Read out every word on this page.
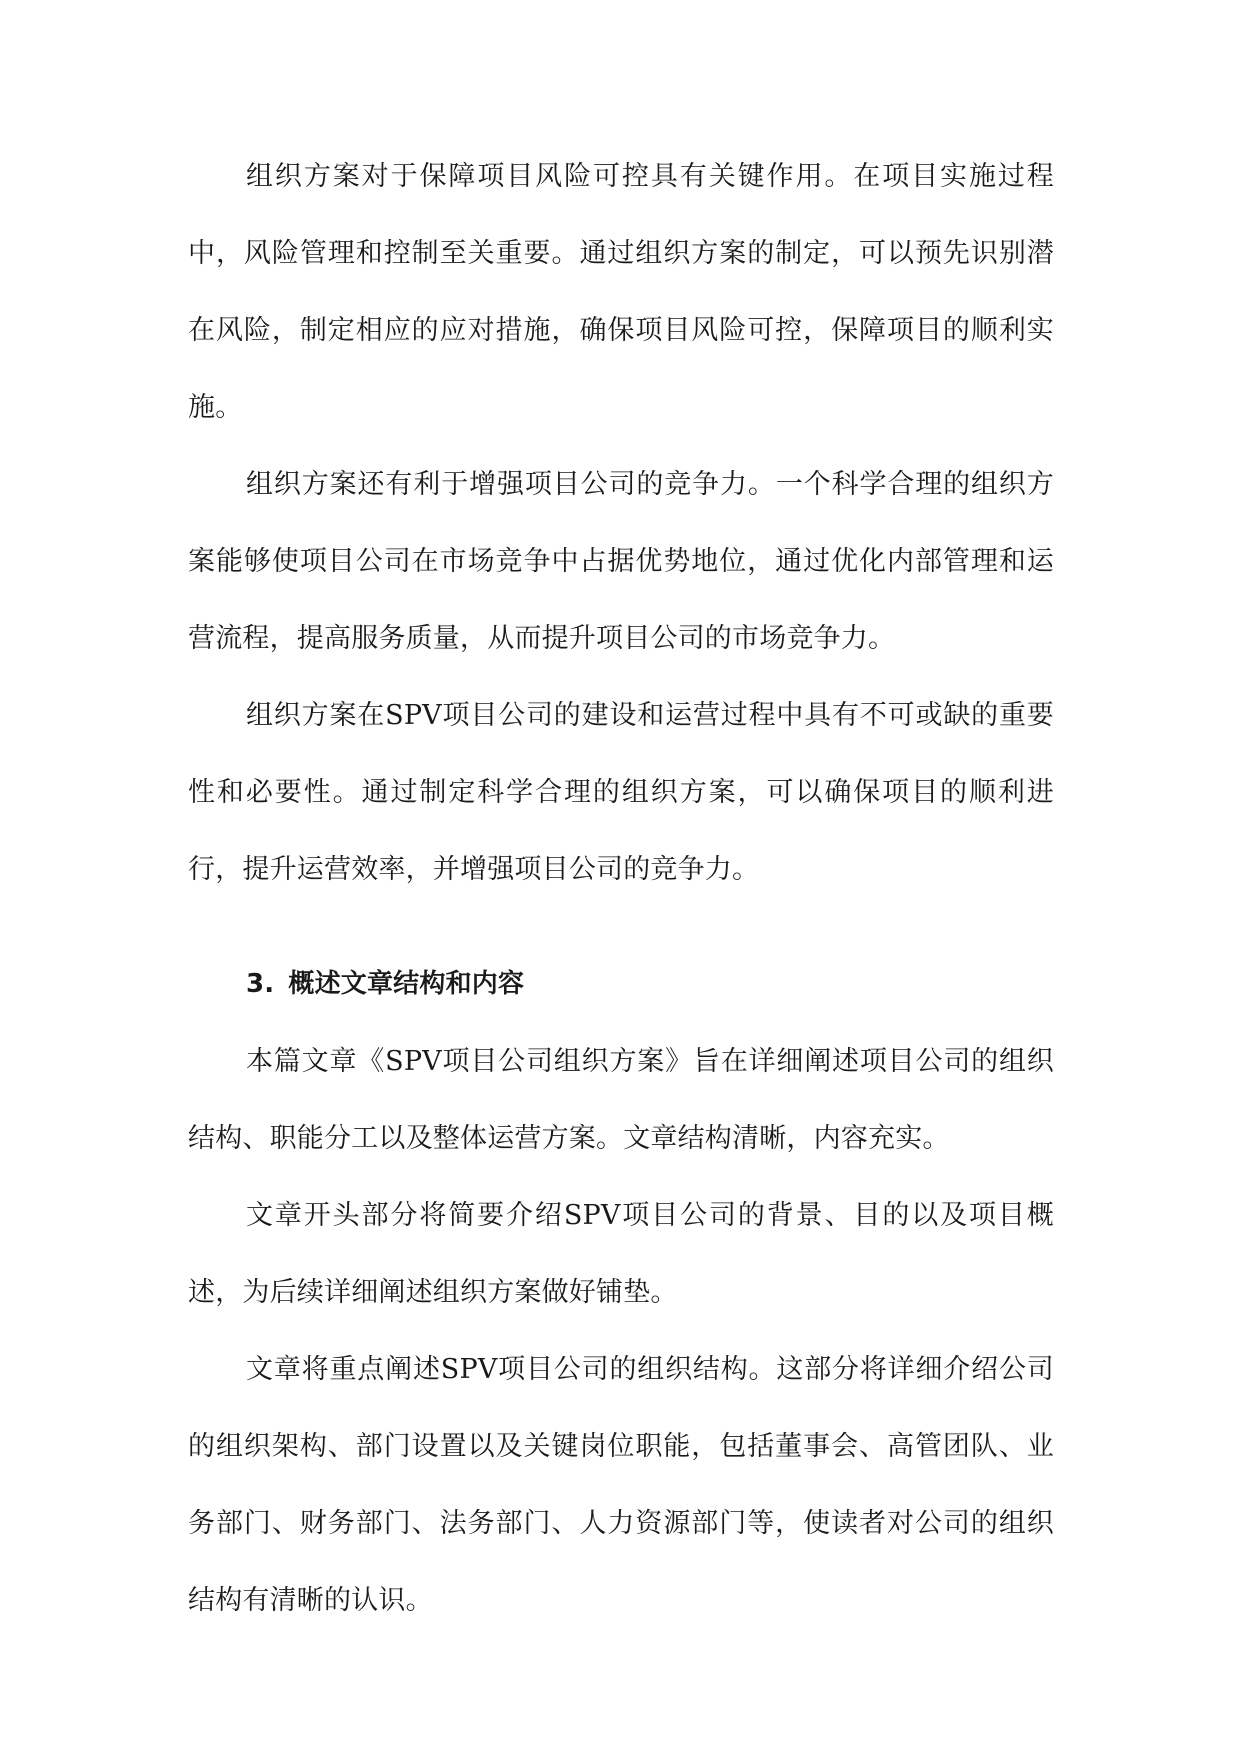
组织方案对于保障项目风险可控具有关键作用。在项目实施过程中，风险管理和控制至关重要。通过组织方案的制定，可以预先识别潜在风险，制定相应的应对措施，确保项目风险可控，保障项目的顺利实施。

组织方案还有利于增强项目公司的竞争力。一个科学合理的组织方案能够使项目公司在市场竞争中占据优势地位，通过优化内部管理和运营流程，提高服务质量，从而提升项目公司的市场竞争力。

组织方案在SPV项目公司的建设和运营过程中具有不可或缺的重要性和必要性。通过制定科学合理的组织方案，可以确保项目的顺利进行，提升运营效率，并增强项目公司的竞争力。

3. 概述文章结构和内容

本篇文章《SPV项目公司组织方案》旨在详细阐述项目公司的组织结构、职能分工以及整体运营方案。文章结构清晰，内容充实。

文章开头部分将简要介绍SPV项目公司的背景、目的以及项目概述，为后续详细阐述组织方案做好铺垫。

文章将重点阐述SPV项目公司的组织结构。这部分将详细介绍公司的组织架构、部门设置以及关键岗位职能，包括董事会、高管团队、业务部门、财务部门、法务部门、人力资源部门等，使读者对公司的组织结构有清晰的认识。
